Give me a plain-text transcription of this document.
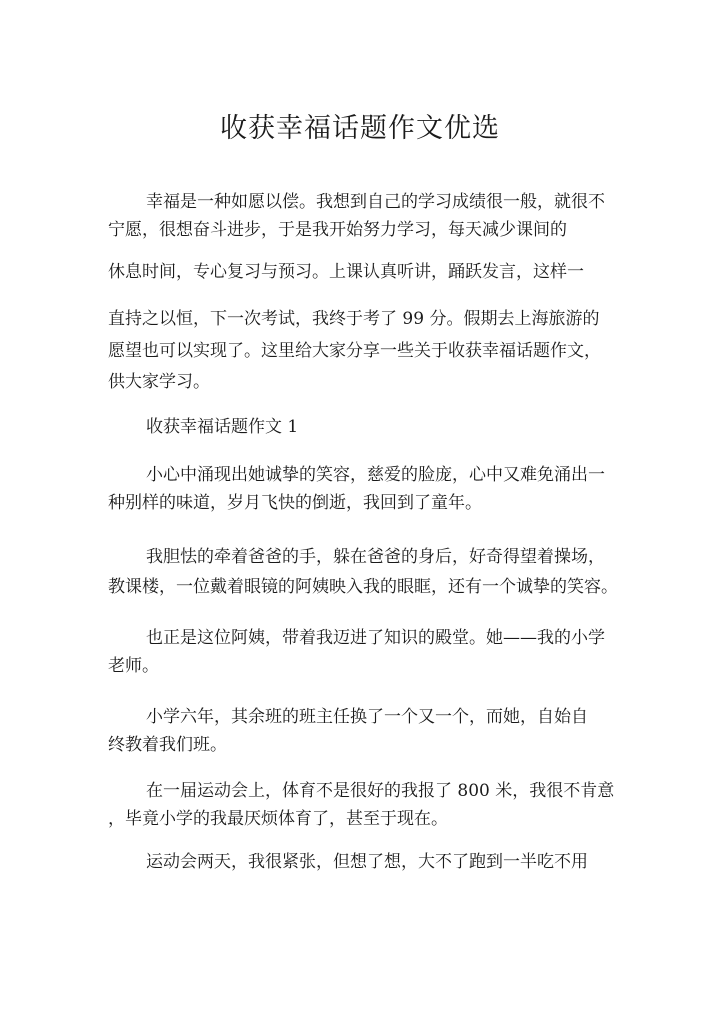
收获幸福话题作文优选
幸福是一种如愿以偿。我想到自己的学习成绩很一般，就很不
宁愿，很想奋斗进步，于是我开始努力学习，每天减少课间的
休息时间，专心复习与预习。上课认真听讲，踊跃发言，这样一
直持之以恒，下一次考试，我终于考了 99 分。假期去上海旅游的
愿望也可以实现了。这里给大家分享一些关于收获幸福话题作文，
供大家学习。
收获幸福话题作文 1
小心中涌现出她诚挚的笑容，慈爱的脸庞，心中又难免涌出一
种别样的味道，岁月飞快的倒逝，我回到了童年。
我胆怯的牵着爸爸的手，躲在爸爸的身后，好奇得望着操场，
教课楼，一位戴着眼镜的阿姨映入我的眼眶，还有一个诚挚的笑容。
也正是这位阿姨，带着我迈进了知识的殿堂。她——我的小学
老师。
小学六年，其余班的班主任换了一个又一个，而她，自始自
终教着我们班。
在一届运动会上，体育不是很好的我报了 800 米，我很不肯意
，毕竟小学的我最厌烦体育了，甚至于现在。
运动会两天，我很紧张，但想了想，大不了跑到一半吃不用
